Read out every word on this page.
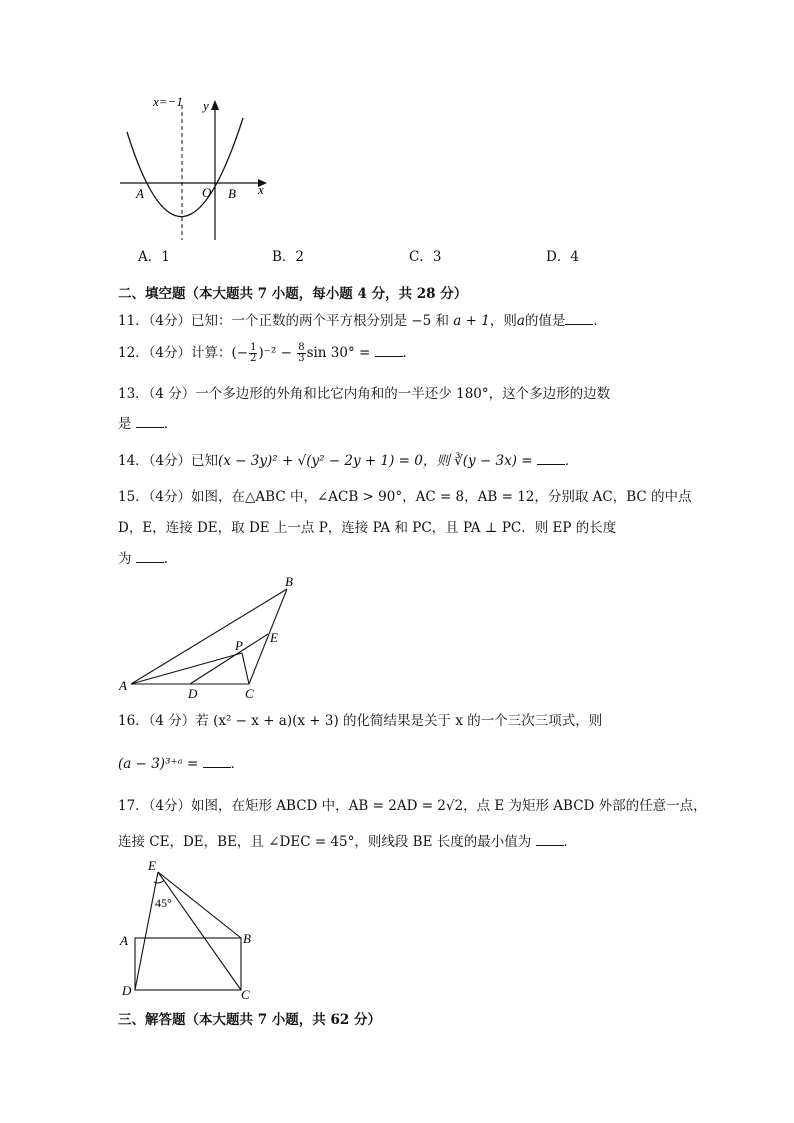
x=−1 y
x
O
A	B
A．1	B．2	C．3	D．4
二、填空题（本大题共 7 小题，每小题 4 分，共 28 分）
11．（4分）已知：一个正数的两个平方根分别是 −5 和 a + 1，则a的值是 ．
12．（4分）计算：(− $\frac{1}{2} )^{-2} - \frac{8}{3}$ sin 30° = ．
13．（4 分）一个多边形的外角和比它内角和的一半还少 180°，这个多边形的边数
是 ．
14．（4分）已知(x − 3y)² + √(y² − 2y + 1) = 0，则 ∛(y − 3x) = ．
15．（4分）如图，在△ABC 中，∠ACB > 90°，AC = 8，AB = 12，分别取 AC，BC 的中点
D，E，连接 DE，取 DE 上一点 P，连接 PA 和 PC，且 PA ⊥ PC．则 EP 的长度
为 ．
A
B
C
D
E
P
16．（4 分）若 (x² − x + a)(x + 3) 的化简结果是关于 x 的一个三次三项式，则
(a − 3)³⁺ᵃ = ．
17．（4分）如图，在矩形 ABCD 中，AB = 2AD = 2√2，点 E 为矩形 ABCD 外部的任意一点，
连接 CE，DE，BE，且 ∠DEC = 45°，则线段 BE 长度的最小值为 ．
E
45°
A	B
C
D
三、解答题（本大题共 7 小题，共 62 分）
